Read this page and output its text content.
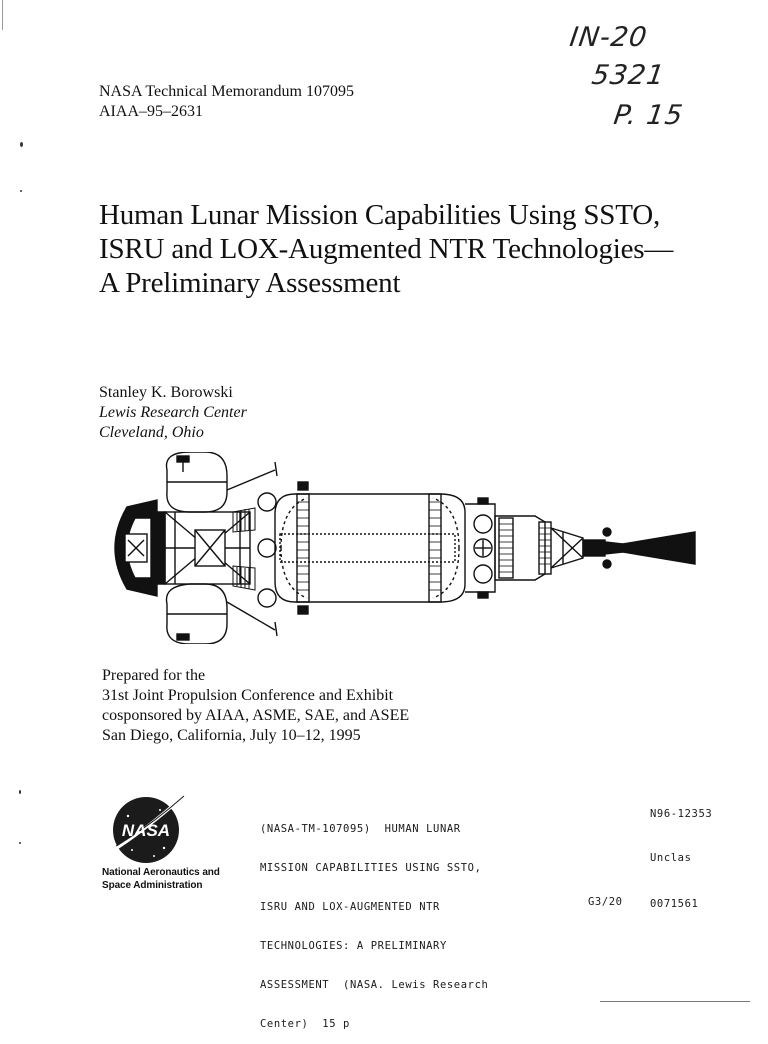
IN-20
5321
P. 15
NASA Technical Memorandum 107095
AIAA–95–2631
Human Lunar Mission Capabilities Using SSTO,
ISRU and LOX-Augmented NTR Technologies—
A Preliminary Assessment
Stanley K. Borowski
Lewis Research Center
Cleveland, Ohio
Prepared for the
31st Joint Propulsion Conference and Exhibit
cosponsored by AIAA, ASME, SAE, and ASEE
San Diego, California, July 10–12, 1995
NASA
National Aeronautics and
Space Administration

(NASA-TM-107095)  HUMAN LUNAR

MISSION CAPABILITIES USING SSTO,

ISRU AND LOX-AUGMENTED NTR

TECHNOLOGIES: A PRELIMINARY

ASSESSMENT  (NASA. Lewis Research

Center)  15 p

N96-12353
Unclas
G3/20	0071561
